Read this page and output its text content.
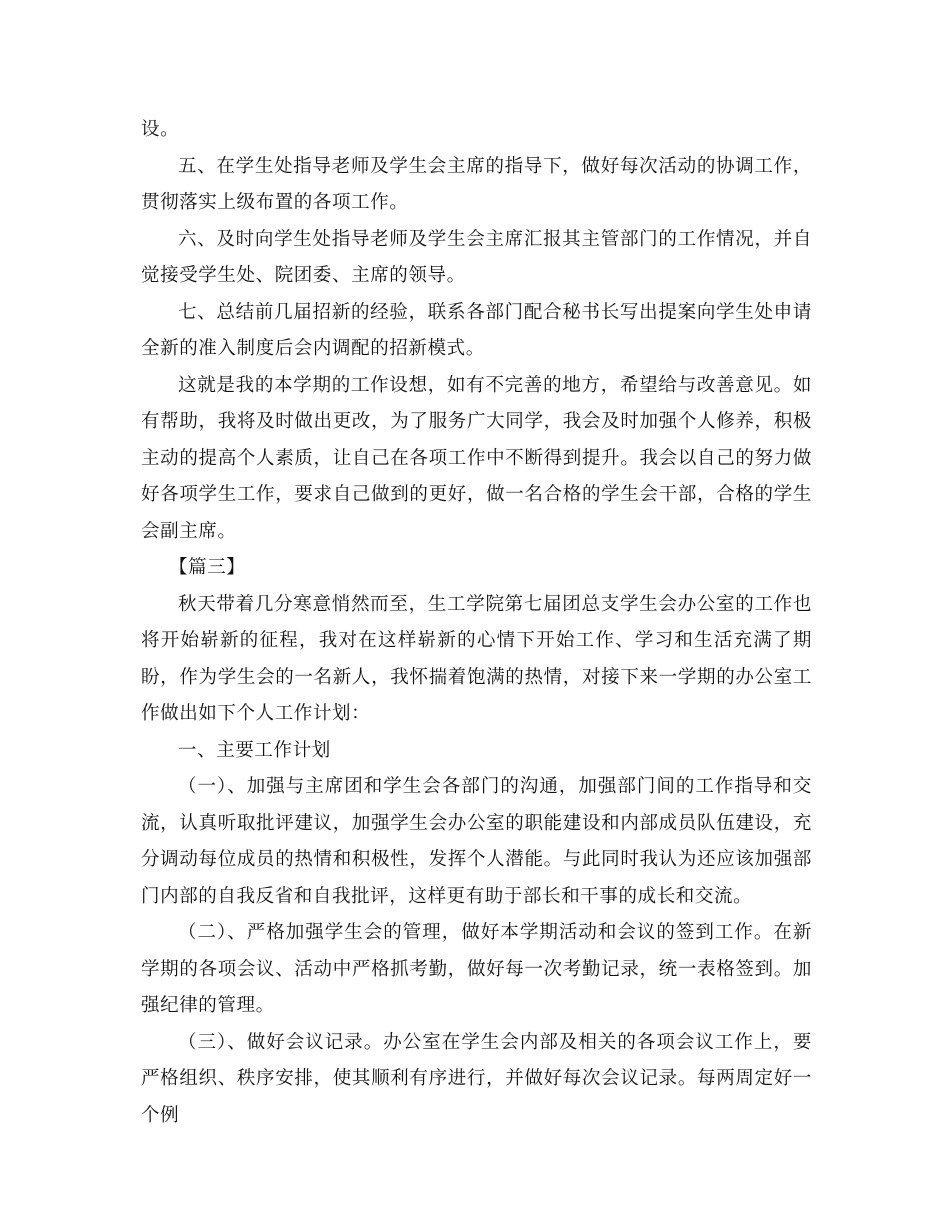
设。

五、在学生处指导老师及学生会主席的指导下，做好每次活动的协调工作，贯彻落实上级布置的各项工作。

六、及时向学生处指导老师及学生会主席汇报其主管部门的工作情况，并自觉接受学生处、院团委、主席的领导。

七、总结前几届招新的经验，联系各部门配合秘书长写出提案向学生处申请全新的准入制度后会内调配的招新模式。

这就是我的本学期的工作设想，如有不完善的地方，希望给与改善意见。如有帮助，我将及时做出更改，为了服务广大同学，我会及时加强个人修养，积极主动的提高个人素质，让自己在各项工作中不断得到提升。我会以自己的努力做好各项学生工作，要求自己做到的更好，做一名合格的学生会干部，合格的学生会副主席。

【篇三】

秋天带着几分寒意悄然而至，生工学院第七届团总支学生会办公室的工作也将开始崭新的征程，我对在这样崭新的心情下开始工作、学习和生活充满了期盼，作为学生会的一名新人，我怀揣着饱满的热情，对接下来一学期的办公室工作做出如下个人工作计划：

一、主要工作计划

（一）、加强与主席团和学生会各部门的沟通，加强部门间的工作指导和交流，认真听取批评建议，加强学生会办公室的职能建设和内部成员队伍建设，充分调动每位成员的热情和积极性，发挥个人潜能。与此同时我认为还应该加强部门内部的自我反省和自我批评，这样更有助于部长和干事的成长和交流。

（二）、严格加强学生会的管理，做好本学期活动和会议的签到工作。在新学期的各项会议、活动中严格抓考勤，做好每一次考勤记录，统一表格签到。加强纪律的管理。

（三）、做好会议记录。办公室在学生会内部及相关的各项会议工作上，要严格组织、秩序安排，使其顺利有序进行，并做好每次会议记录。每两周定好一个例
